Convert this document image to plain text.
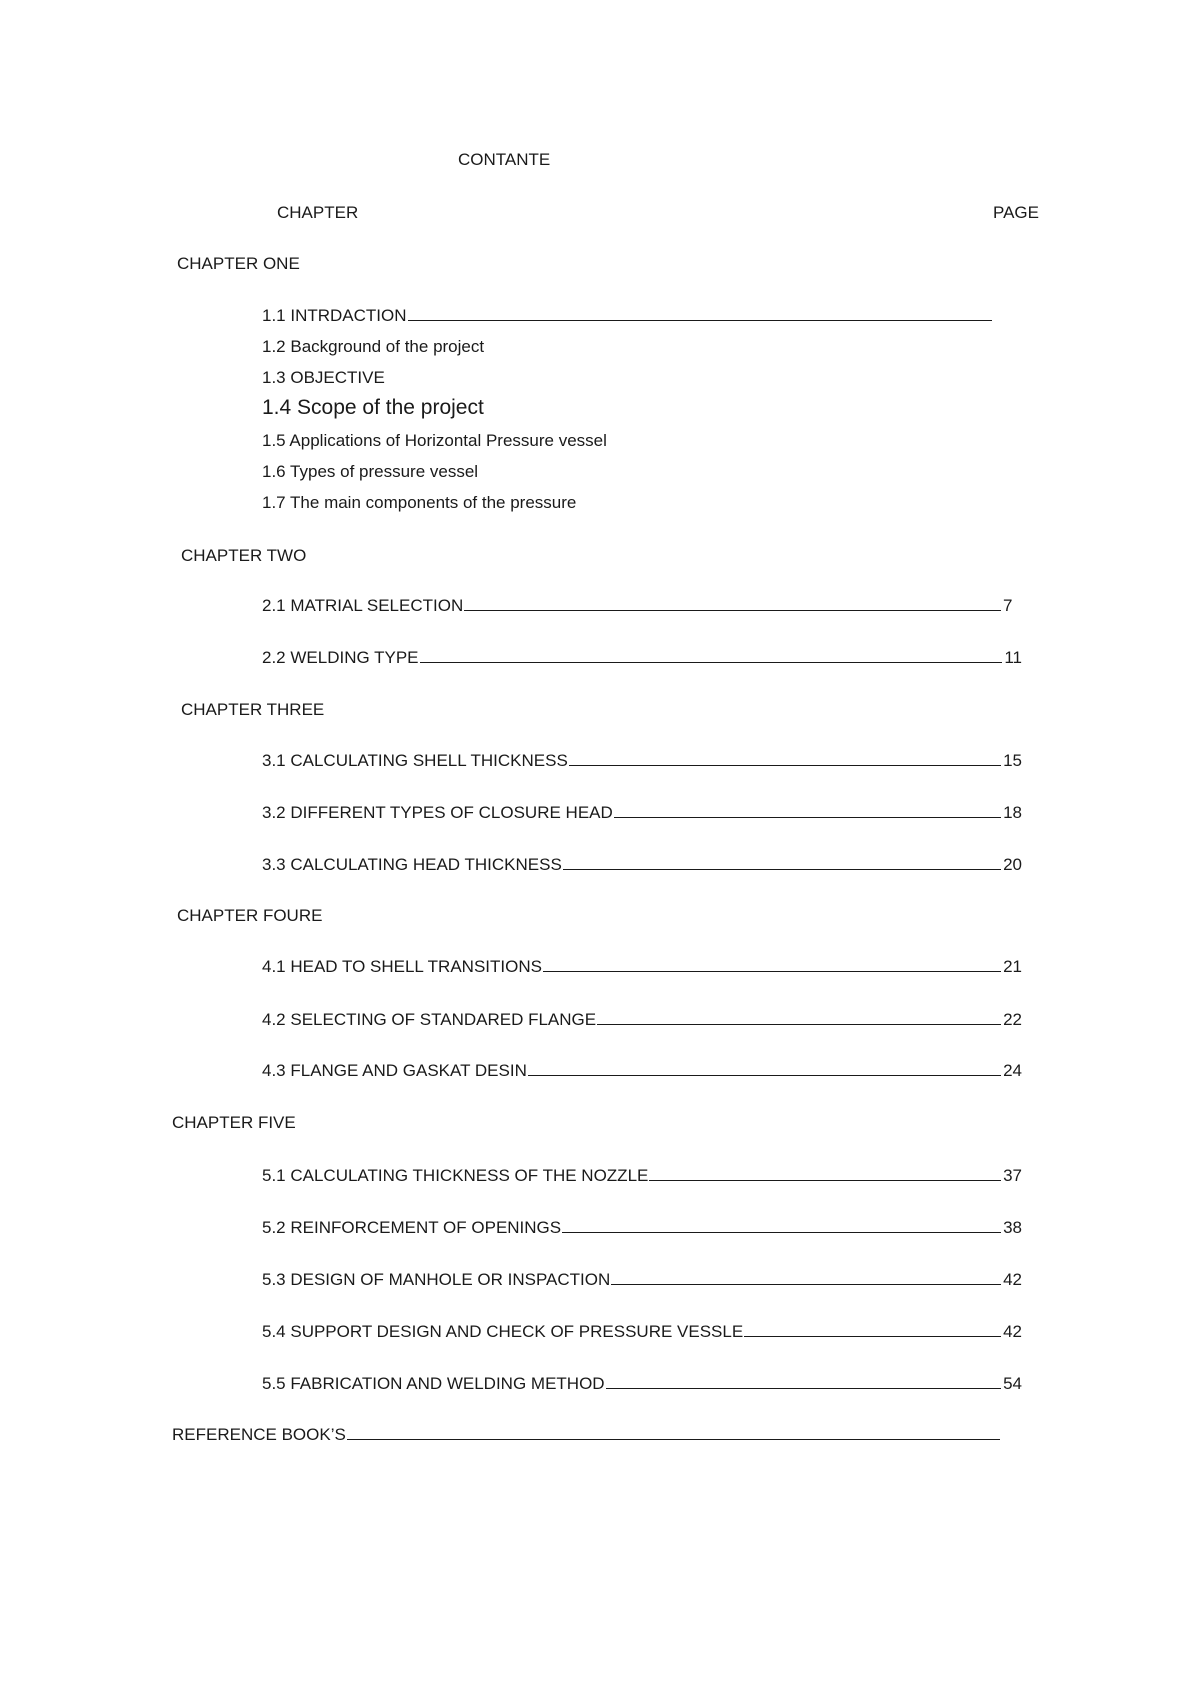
CONTANTE
CHAPTER	PAGE
CHAPTER ONE
1.1 INTRDACTION
1.2 Background of the project
1.3 OBJECTIVE
1.4 Scope of the project
1.5 Applications of Horizontal Pressure vessel
1.6 Types of pressure vessel
1.7 The main components of the pressure
CHAPTER TWO
2.1 MATRIAL SELECTION	7
2.2 WELDING TYPE	11
CHAPTER THREE
3.1 CALCULATING SHELL THICKNESS	15
3.2 DIFFERENT TYPES OF CLOSURE HEAD	18
3.3 CALCULATING HEAD THICKNESS	20
CHAPTER FOURE
4.1 HEAD TO SHELL TRANSITIONS	21
4.2 SELECTING OF STANDARED FLANGE	22
4.3 FLANGE AND GASKAT DESIN	24
CHAPTER FIVE
5.1 CALCULATING THICKNESS OF THE NOZZLE	37
5.2 REINFORCEMENT OF OPENINGS	38
5.3 DESIGN OF MANHOLE OR INSPACTION	42
5.4 SUPPORT DESIGN AND CHECK OF PRESSURE VESSLE	42
5.5 FABRICATION AND WELDING METHOD	54
REFERENCE BOOK’S
